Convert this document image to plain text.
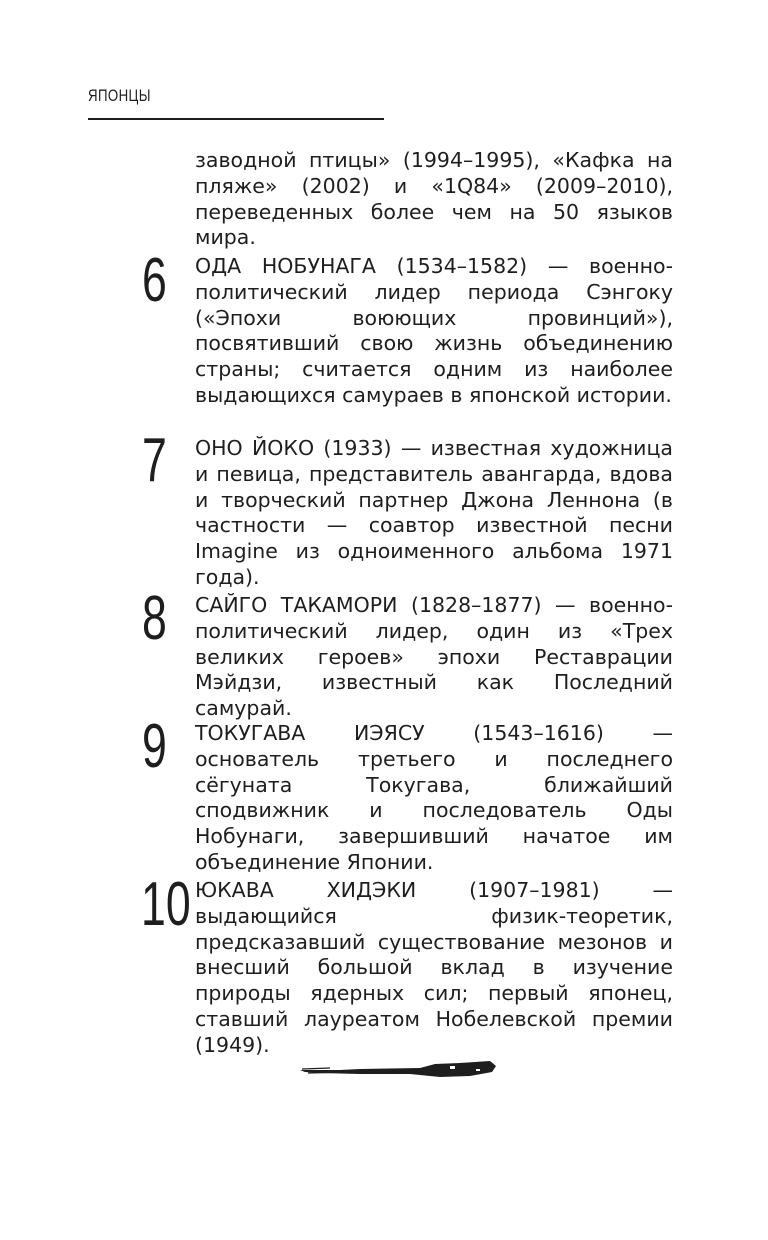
ЯПОНЦЫ
заводной птицы» (1994–1995), «Кафка на пляже» (2002) и «1Q84» (2009–2010), переведенных более чем на 50 языков мира.
6 ОДА НОБУНАГА (1534–1582) — военно-политический лидер периода Сэнгоку («Эпохи воюющих провинций»), посвятивший свою жизнь объединению страны; считается одним из наиболее выдающихся самураев в японской истории.
7 ОНО ЙОКО (1933) — известная художница и певица, представитель авангарда, вдова и творческий партнер Джона Леннона (в частности — соавтор известной песни Imagine из одноименного альбома 1971 года).
8 САЙГО ТАКАМОРИ (1828–1877) — военно-политический лидер, один из «Трех великих героев» эпохи Реставрации Мэйдзи, известный как Последний самурай.
9 ТОКУГАВА ИЭЯСУ (1543–1616) — основатель третьего и последнего сёгуната Токугава, ближайший сподвижник и последователь Оды Нобунаги, завершивший начатое им объединение Японии.
10 ЮКАВА ХИДЭКИ (1907–1981) — выдающийся физик-теоретик, предсказавший существование мезонов и внесший большой вклад в изучение природы ядерных сил; первый японец, ставший лауреатом Нобелевской премии (1949).
